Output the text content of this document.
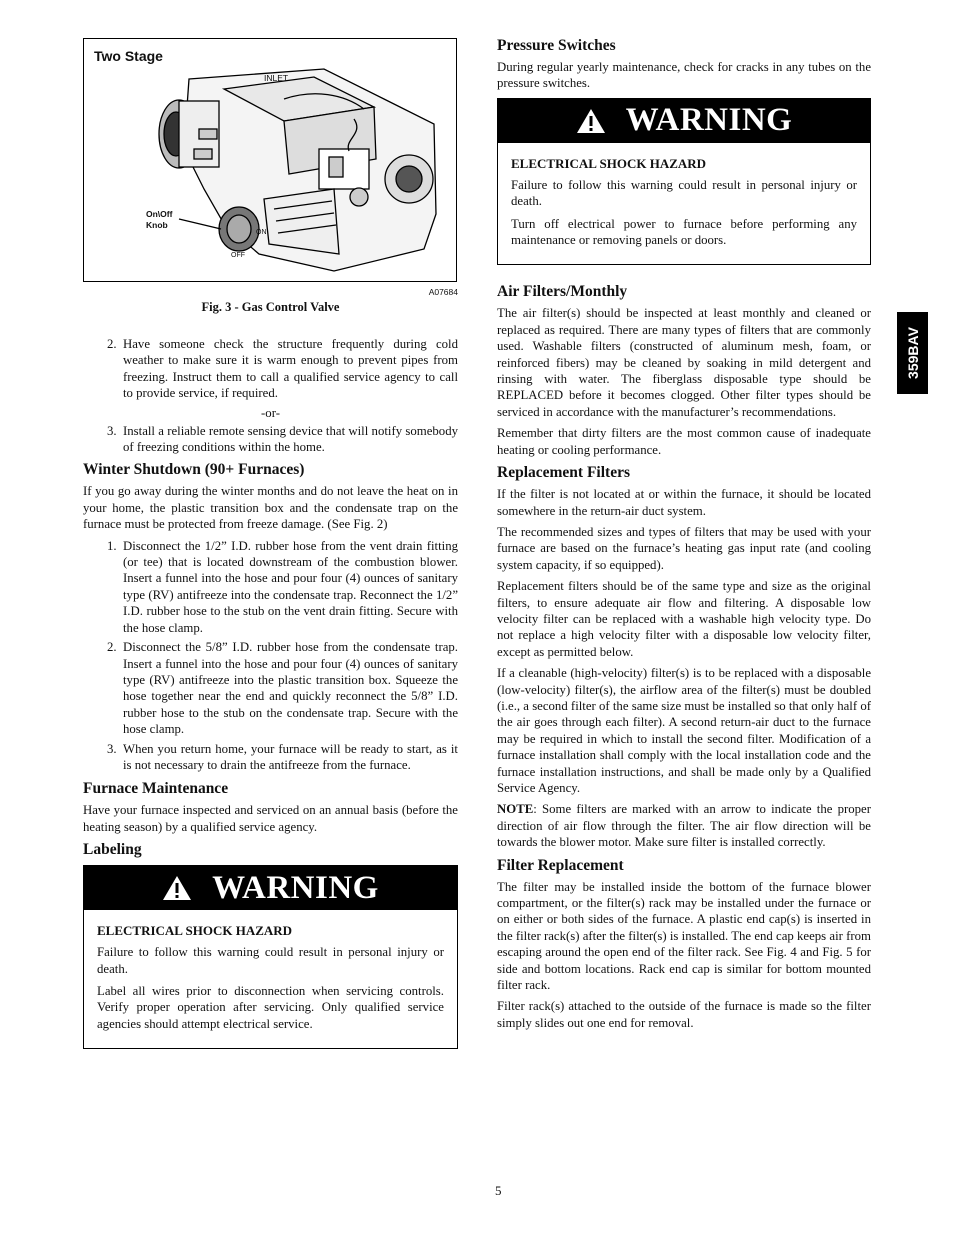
Two Stage
INLET
On\Off
Knob
ON
OFF
A07684
Fig. 3 - Gas Control Valve
2. Have someone check the structure frequently during cold weather to make sure it is warm enough to prevent pipes from freezing. Instruct them to call a qualified service agency to call to provide service, if required.
-or-
3. Install a reliable remote sensing device that will notify somebody of freezing conditions within the home.
Winter Shutdown (90+ Furnaces)

If you go away during the winter months and do not leave the heat on in your home, the plastic transition box and the condensate trap on the furnace must be protected from freeze damage. (See Fig. 2)

1. Disconnect the 1/2” I.D. rubber hose from the vent drain fitting (or tee) that is located downstream of the combustion blower. Insert a funnel into the hose and pour four (4) ounces of sanitary type (RV) antifreeze into the condensate trap. Reconnect the 1/2” I.D. rubber hose to the stub on the vent drain fitting. Secure with the hose clamp.
2. Disconnect the 5/8” I.D. rubber hose from the condensate trap. Insert a funnel into the hose and pour four (4) ounces of sanitary type (RV) antifreeze into the plastic transition box. Squeeze the hose together near the end and quickly reconnect the 5/8” I.D. rubber hose to the stub on the condensate trap. Secure with the hose clamp.
3. When you return home, your furnace will be ready to start, as it is not necessary to drain the antifreeze from the furnace.
Furnace Maintenance

Have your furnace inspected and serviced on an annual basis (before the heating season) by a qualified service agency.

Labeling
WARNING
ELECTRICAL SHOCK HAZARD

Failure to follow this warning could result in personal injury or death.

Label all wires prior to disconnection when servicing controls. Verify proper operation after servicing. Only qualified service agencies should attempt electrical service.

Pressure Switches

During regular yearly maintenance, check for cracks in any tubes on the pressure switches.

WARNING
ELECTRICAL SHOCK HAZARD

Failure to follow this warning could result in personal injury or death.

Turn off electrical power to furnace before performing any maintenance or removing panels or doors.

Air Filters/Monthly

The air filter(s) should be inspected at least monthly and cleaned or replaced as required. There are many types of filters that are commonly used. Washable filters (constructed of aluminum mesh, foam, or reinforced fibers) may be cleaned by soaking in mild detergent and rinsing with water. The fiberglass disposable type should be REPLACED before it becomes clogged. Other filter types should be serviced in accordance with the manufacturer’s recommendations.

Remember that dirty filters are the most common cause of inadequate heating or cooling performance.

Replacement Filters

If the filter is not located at or within the furnace, it should be located somewhere in the return-air duct system.

The recommended sizes and types of filters that may be used with your furnace are based on the furnace’s heating gas input rate (and cooling system capacity, if so equipped).

Replacement filters should be of the same type and size as the original filters, to ensure adequate air flow and filtering. A disposable low velocity filter can be replaced with a washable high velocity type. Do not replace a high velocity filter with a disposable low velocity filter, except as permitted below.

If a cleanable (high-velocity) filter(s) is to be replaced with a disposable (low-velocity) filter(s), the airflow area of the filter(s) must be doubled (i.e., a second filter of the same size must be installed so that only half of the air goes through each filter). A second return-air duct to the furnace may be required in which to install the second filter. Modification of a furnace installation shall comply with the local installation code and the furnace installation instructions, and shall be made only by a Qualified Service Agency.

NOTE: Some filters are marked with an arrow to indicate the proper direction of air flow through the filter. The air flow direction will be towards the blower motor. Make sure filter is installed correctly.

Filter Replacement

The filter may be installed inside the bottom of the furnace blower compartment, or the filter(s) rack may be installed under the furnace or on either or both sides of the furnace. A plastic end cap(s) is inserted in the filter rack(s) after the filter(s) is installed. The end cap keeps air from escaping around the open end of the filter rack. See Fig. 4 and Fig. 5 for side and bottom locations. Rack end cap is similar for bottom mounted filter rack.

Filter rack(s) attached to the outside of the furnace is made so the filter simply slides out one end for removal.

359BAV
5
